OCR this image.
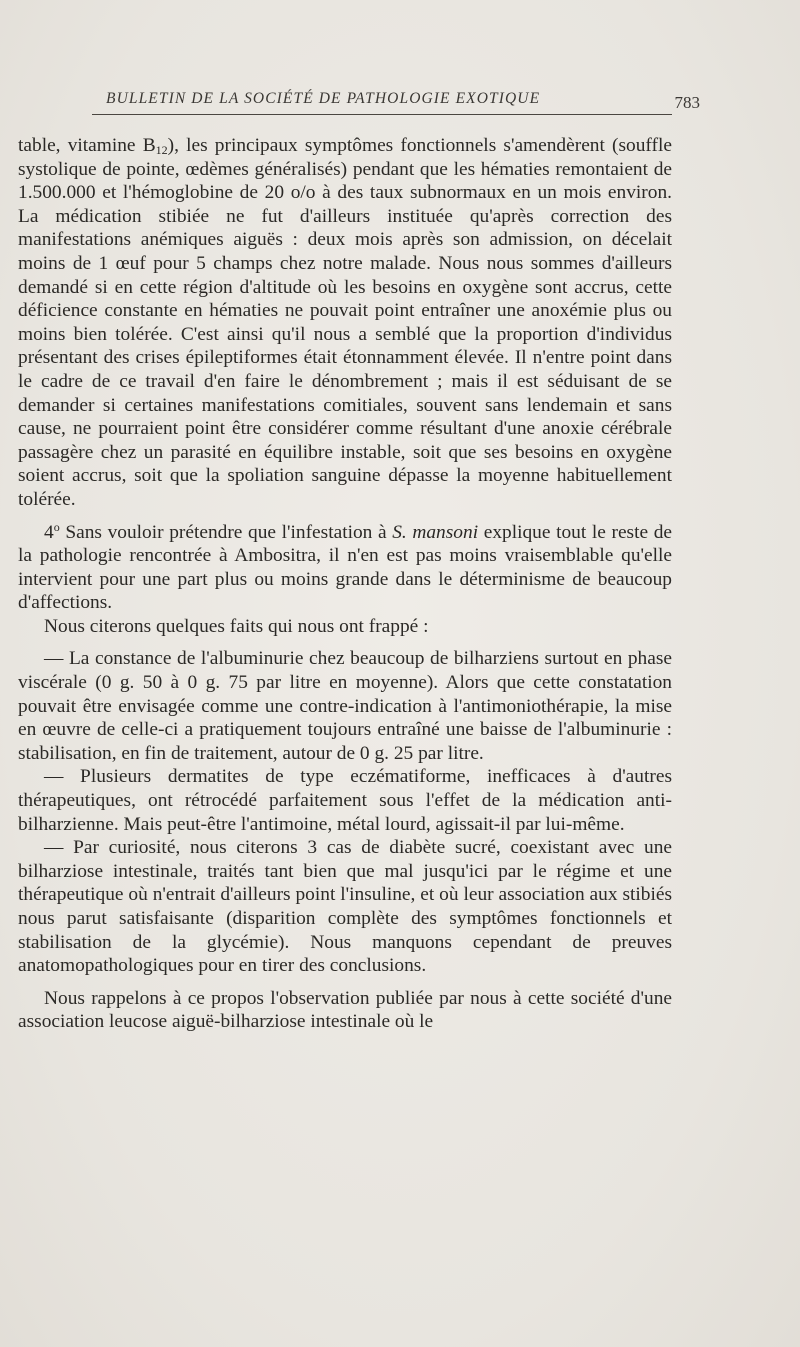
BULLETIN DE LA SOCIÉTÉ DE PATHOLOGIE EXOTIQUE	783

table, vitamine $B_{12}$), les principaux symptômes fonctionnels s'amendèrent (souffle systolique de pointe, œdèmes généralisés) pendant que les hématies remontaient de 1.500.000 et l'hémoglobine de 20 o/o à des taux subnormaux en un mois environ. La médication stibiée ne fut d'ailleurs instituée qu'après correction des manifestations anémiques aiguës : deux mois après son admission, on décelait moins de 1 œuf pour 5 champs chez notre malade. Nous nous sommes d'ailleurs demandé si en cette région d'altitude où les besoins en oxygène sont accrus, cette déficience constante en hématies ne pouvait point entraîner une anoxémie plus ou moins bien tolérée. C'est ainsi qu'il nous a semblé que la proportion d'individus présentant des crises épileptiformes était étonnamment élevée. Il n'entre point dans le cadre de ce travail d'en faire le dénombrement ; mais il est séduisant de se demander si certaines manifestations comitiales, souvent sans lendemain et sans cause, ne pourraient point être considérer comme résultant d'une anoxie cérébrale passagère chez un parasité en équilibre instable, soit que ses besoins en oxygène soient accrus, soit que la spoliation sanguine dépasse la moyenne habituellement tolérée.

4$^o$ Sans vouloir prétendre que l'infestation à S. mansoni explique tout le reste de la pathologie rencontrée à Ambositra, il n'en est pas moins vraisemblable qu'elle intervient pour une part plus ou moins grande dans le déterminisme de beaucoup d'affections.

Nous citerons quelques faits qui nous ont frappé :

— La constance de l'albuminurie chez beaucoup de bilharziens surtout en phase viscérale (0 g. 50 à 0 g. 75 par litre en moyenne). Alors que cette constatation pouvait être envisagée comme une contre-indication à l'antimoniothérapie, la mise en œuvre de celle-ci a pratiquement toujours entraîné une baisse de l'albuminurie : stabilisation, en fin de traitement, autour de 0 g. 25 par litre.

— Plusieurs dermatites de type eczématiforme, inefficaces à d'autres thérapeutiques, ont rétrocédé parfaitement sous l'effet de la médication anti-bilharzienne. Mais peut-être l'antimoine, métal lourd, agissait-il par lui-même.

— Par curiosité, nous citerons 3 cas de diabète sucré, coexistant avec une bilharziose intestinale, traités tant bien que mal jusqu'ici par le régime et une thérapeutique où n'entrait d'ailleurs point l'insuline, et où leur association aux stibiés nous parut satisfaisante (disparition complète des symptômes fonctionnels et stabilisation de la glycémie). Nous manquons cependant de preuves anatomopathologiques pour en tirer des conclusions.

Nous rappelons à ce propos l'observation publiée par nous à cette société d'une association leucose aiguë-bilharziose intestinale où le
